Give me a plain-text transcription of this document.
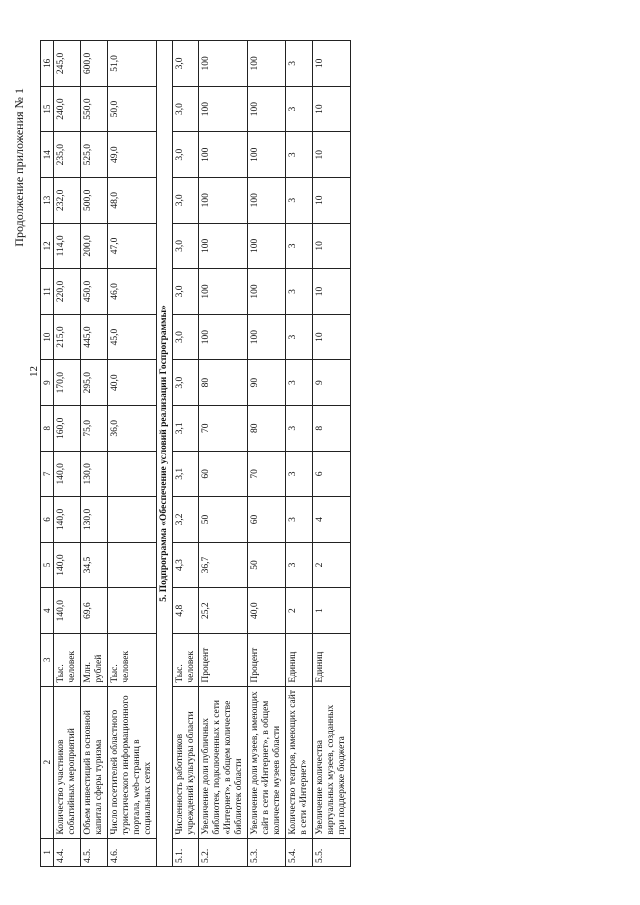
Продолжение приложения № 1
12
1	2	3	4	5	6	7	8	9	10	11	12	13	14	15	16
4.4.	Количество участников событийных мероприятий	Тыс. человек	140,0	140,0	140,0	140,0	160,0	170,0	215,0	220,0	114,0	232,0	235,0	240,0	245,0
4.5.	Объем инвестиций в основной капитал сферы туризма	Млн. рублей	69,6	34,5	130,0	130,0	75,0	295,0	445,0	450,0	200,0	500,0	525,0	550,0	600,0
4.6.	Число посетителей областного туристического информационного портала, web-страниц в социальных сетях	Тыс. человек					36,0	40,0	45,0	46,0	47,0	48,0	49,0	50,0	51,0
5. Подпрограмма «Обеспечение условий реализации Госпрограммы»															
5.1.	Численность работников учреждений культуры области	Тыс. человек	4,8	4,3	3,2	3,1	3,1	3,0	3,0	3,0	3,0	3,0	3,0	3,0	3,0
5.2.	Увеличение доли публичных библиотек, подключенных к сети «Интернет», в общем количестве библиотек области	Процент	25,2	36,7	50	60	70	80	100	100	100	100	100	100	100
5.3.	Увеличение доли музеев, имеющих сайт в сети «Интернет», в общем количестве музеев области	Процент	40,0	50	60	70	80	90	100	100	100	100	100	100	100
5.4.	Количество театров, имеющих сайт в сети «Интернет»	Единиц	2	3	3	3	3	3	3	3	3	3	3	3	3
5.5.	Увеличение количества виртуальных музеев, созданных при поддержке бюджета	Единиц	1	2	4	6	8	9	10	10	10	10	10	10	10
